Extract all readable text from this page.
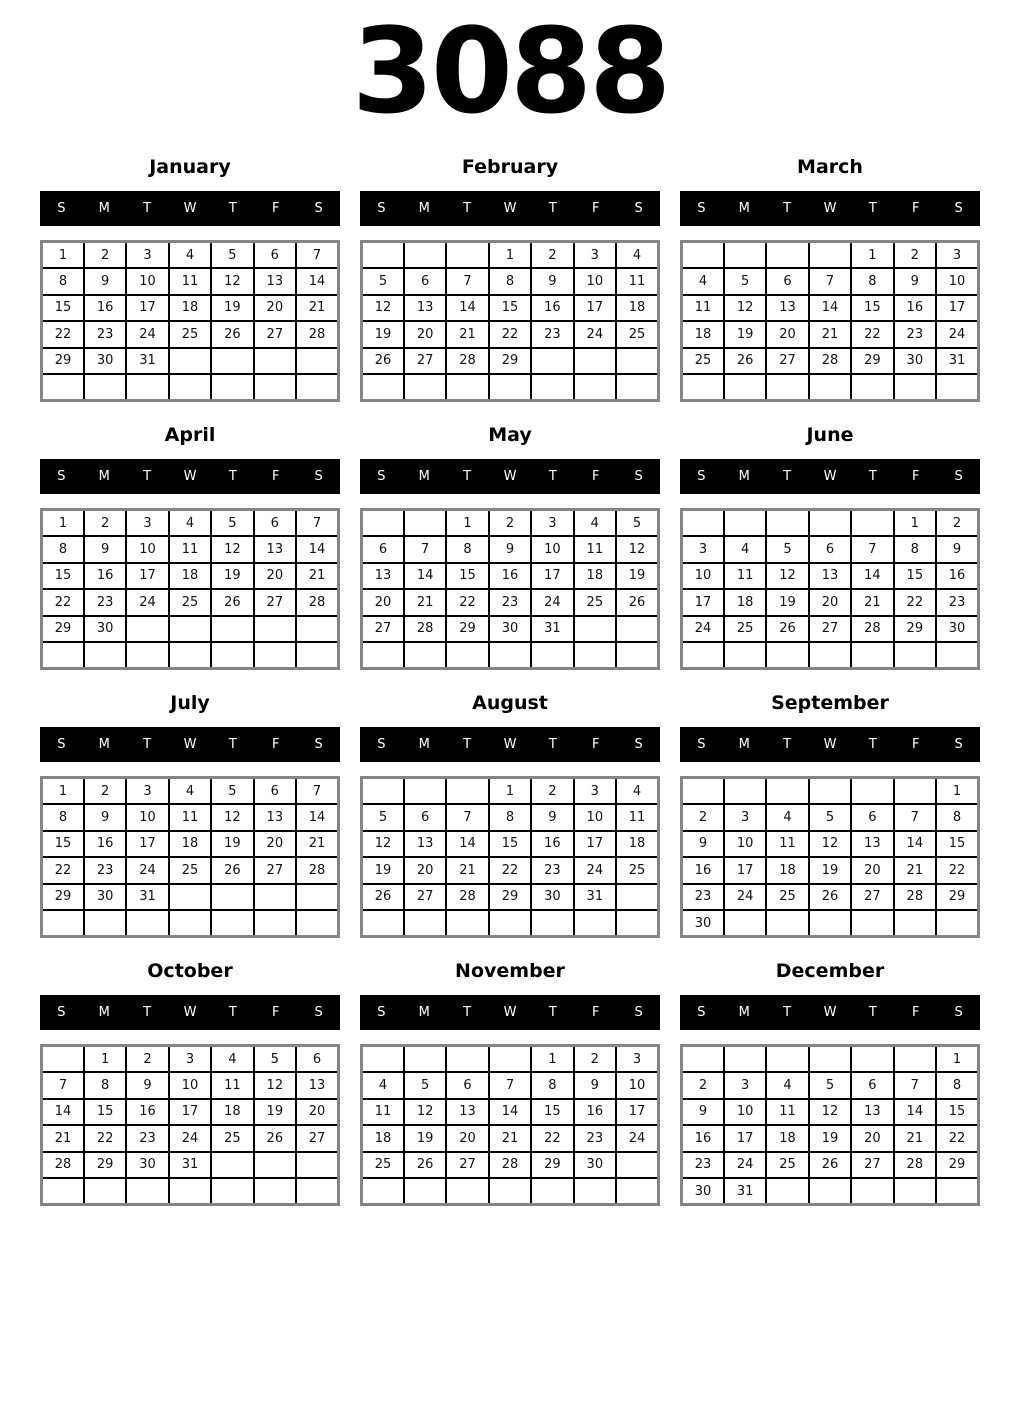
3088
January
S	M	T	W	T	F	S
1	2	3	4	5	6	7
8	9	10	11	12	13	14
15	16	17	18	19	20	21
22	23	24	25	26	27	28
29	30	31				

February
S	M	T	W	T	F	S
			1	2	3	4
5	6	7	8	9	10	11
12	13	14	15	16	17	18
19	20	21	22	23	24	25
26	27	28	29			

March
S	M	T	W	T	F	S
				1	2	3
4	5	6	7	8	9	10
11	12	13	14	15	16	17
18	19	20	21	22	23	24
25	26	27	28	29	30	31

April
S	M	T	W	T	F	S
1	2	3	4	5	6	7
8	9	10	11	12	13	14
15	16	17	18	19	20	21
22	23	24	25	26	27	28
29	30					

May
S	M	T	W	T	F	S
		1	2	3	4	5
6	7	8	9	10	11	12
13	14	15	16	17	18	19
20	21	22	23	24	25	26
27	28	29	30	31		

June
S	M	T	W	T	F	S
					1	2
3	4	5	6	7	8	9
10	11	12	13	14	15	16
17	18	19	20	21	22	23
24	25	26	27	28	29	30

July
S	M	T	W	T	F	S
1	2	3	4	5	6	7
8	9	10	11	12	13	14
15	16	17	18	19	20	21
22	23	24	25	26	27	28
29	30	31				

August
S	M	T	W	T	F	S
			1	2	3	4
5	6	7	8	9	10	11
12	13	14	15	16	17	18
19	20	21	22	23	24	25
26	27	28	29	30	31	

September
S	M	T	W	T	F	S
						1
2	3	4	5	6	7	8
9	10	11	12	13	14	15
16	17	18	19	20	21	22
23	24	25	26	27	28	29
30						
October
S	M	T	W	T	F	S
	1	2	3	4	5	6
7	8	9	10	11	12	13
14	15	16	17	18	19	20
21	22	23	24	25	26	27
28	29	30	31			

November
S	M	T	W	T	F	S
				1	2	3
4	5	6	7	8	9	10
11	12	13	14	15	16	17
18	19	20	21	22	23	24
25	26	27	28	29	30	

December
S	M	T	W	T	F	S
						1
2	3	4	5	6	7	8
9	10	11	12	13	14	15
16	17	18	19	20	21	22
23	24	25	26	27	28	29
30	31					
